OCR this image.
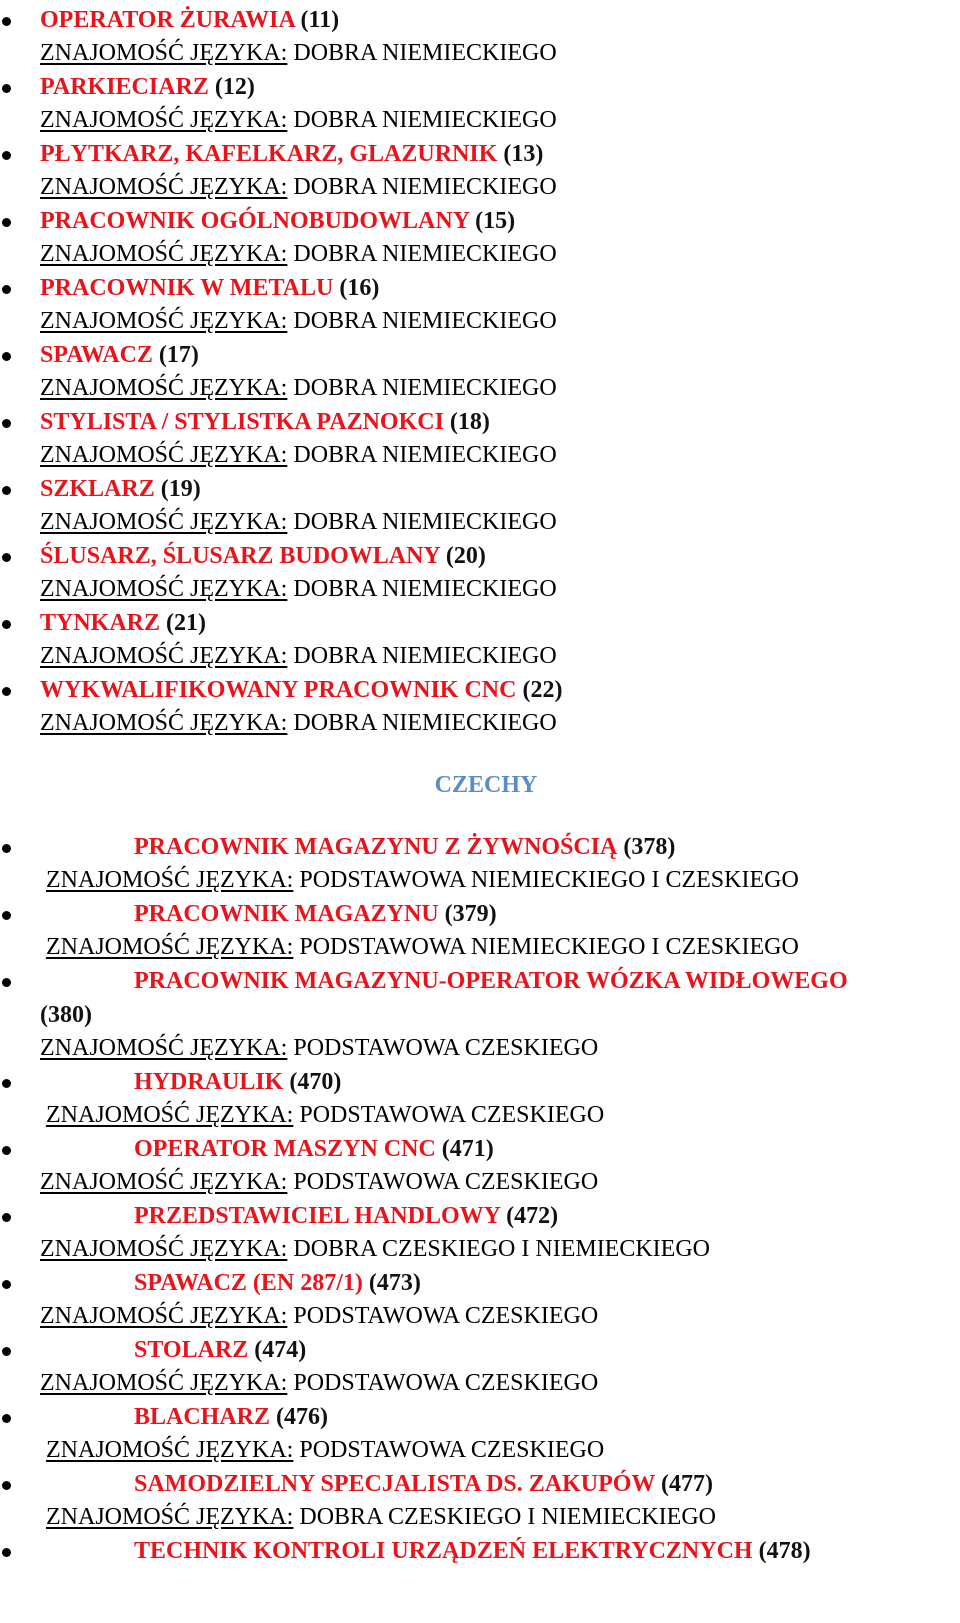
OPERATOR ŻURAWIA (11)
ZNAJOMOŚĆ JĘZYKA: DOBRA NIEMIECKIEGO
PARKIECIARZ (12)
ZNAJOMOŚĆ JĘZYKA: DOBRA NIEMIECKIEGO
PŁYTKARZ, KAFELKARZ, GLAZURNIK (13)
ZNAJOMOŚĆ JĘZYKA: DOBRA NIEMIECKIEGO
PRACOWNIK OGÓLNOBUDOWLANY (15)
ZNAJOMOŚĆ JĘZYKA: DOBRA NIEMIECKIEGO
PRACOWNIK W METALU (16)
ZNAJOMOŚĆ JĘZYKA: DOBRA NIEMIECKIEGO
SPAWACZ (17)
ZNAJOMOŚĆ JĘZYKA: DOBRA NIEMIECKIEGO
STYLISTA / STYLISTKA PAZNOKCI (18)
ZNAJOMOŚĆ JĘZYKA: DOBRA NIEMIECKIEGO
SZKLARZ (19)
ZNAJOMOŚĆ JĘZYKA: DOBRA NIEMIECKIEGO
ŚLUSARZ, ŚLUSARZ BUDOWLANY (20)
ZNAJOMOŚĆ JĘZYKA: DOBRA NIEMIECKIEGO
TYNKARZ (21)
ZNAJOMOŚĆ JĘZYKA: DOBRA NIEMIECKIEGO
WYKWALIFIKOWANY PRACOWNIK CNC (22)
ZNAJOMOŚĆ JĘZYKA: DOBRA NIEMIECKIEGO
CZECHY
PRACOWNIK MAGAZYNU Z ŻYWNOŚCIĄ (378)
ZNAJOMOŚĆ JĘZYKA: PODSTAWOWA NIEMIECKIEGO I CZESKIEGO
PRACOWNIK MAGAZYNU (379)
ZNAJOMOŚĆ JĘZYKA: PODSTAWOWA NIEMIECKIEGO I CZESKIEGO
PRACOWNIK MAGAZYNU-OPERATOR WÓZKA WIDŁOWEGO
(380)
ZNAJOMOŚĆ JĘZYKA: PODSTAWOWA CZESKIEGO
HYDRAULIK (470)
ZNAJOMOŚĆ JĘZYKA: PODSTAWOWA CZESKIEGO
OPERATOR MASZYN CNC (471)
ZNAJOMOŚĆ JĘZYKA: PODSTAWOWA CZESKIEGO
PRZEDSTAWICIEL HANDLOWY (472)
ZNAJOMOŚĆ JĘZYKA: DOBRA CZESKIEGO I NIEMIECKIEGO
SPAWACZ (EN 287/1) (473)
ZNAJOMOŚĆ JĘZYKA: PODSTAWOWA CZESKIEGO
STOLARZ (474)
ZNAJOMOŚĆ JĘZYKA: PODSTAWOWA CZESKIEGO
BLACHARZ (476)
ZNAJOMOŚĆ JĘZYKA: PODSTAWOWA CZESKIEGO
SAMODZIELNY SPECJALISTA DS. ZAKUPÓW (477)
ZNAJOMOŚĆ JĘZYKA: DOBRA CZESKIEGO I NIEMIECKIEGO
TECHNIK KONTROLI URZĄDZEŃ ELEKTRYCZNYCH (478)
